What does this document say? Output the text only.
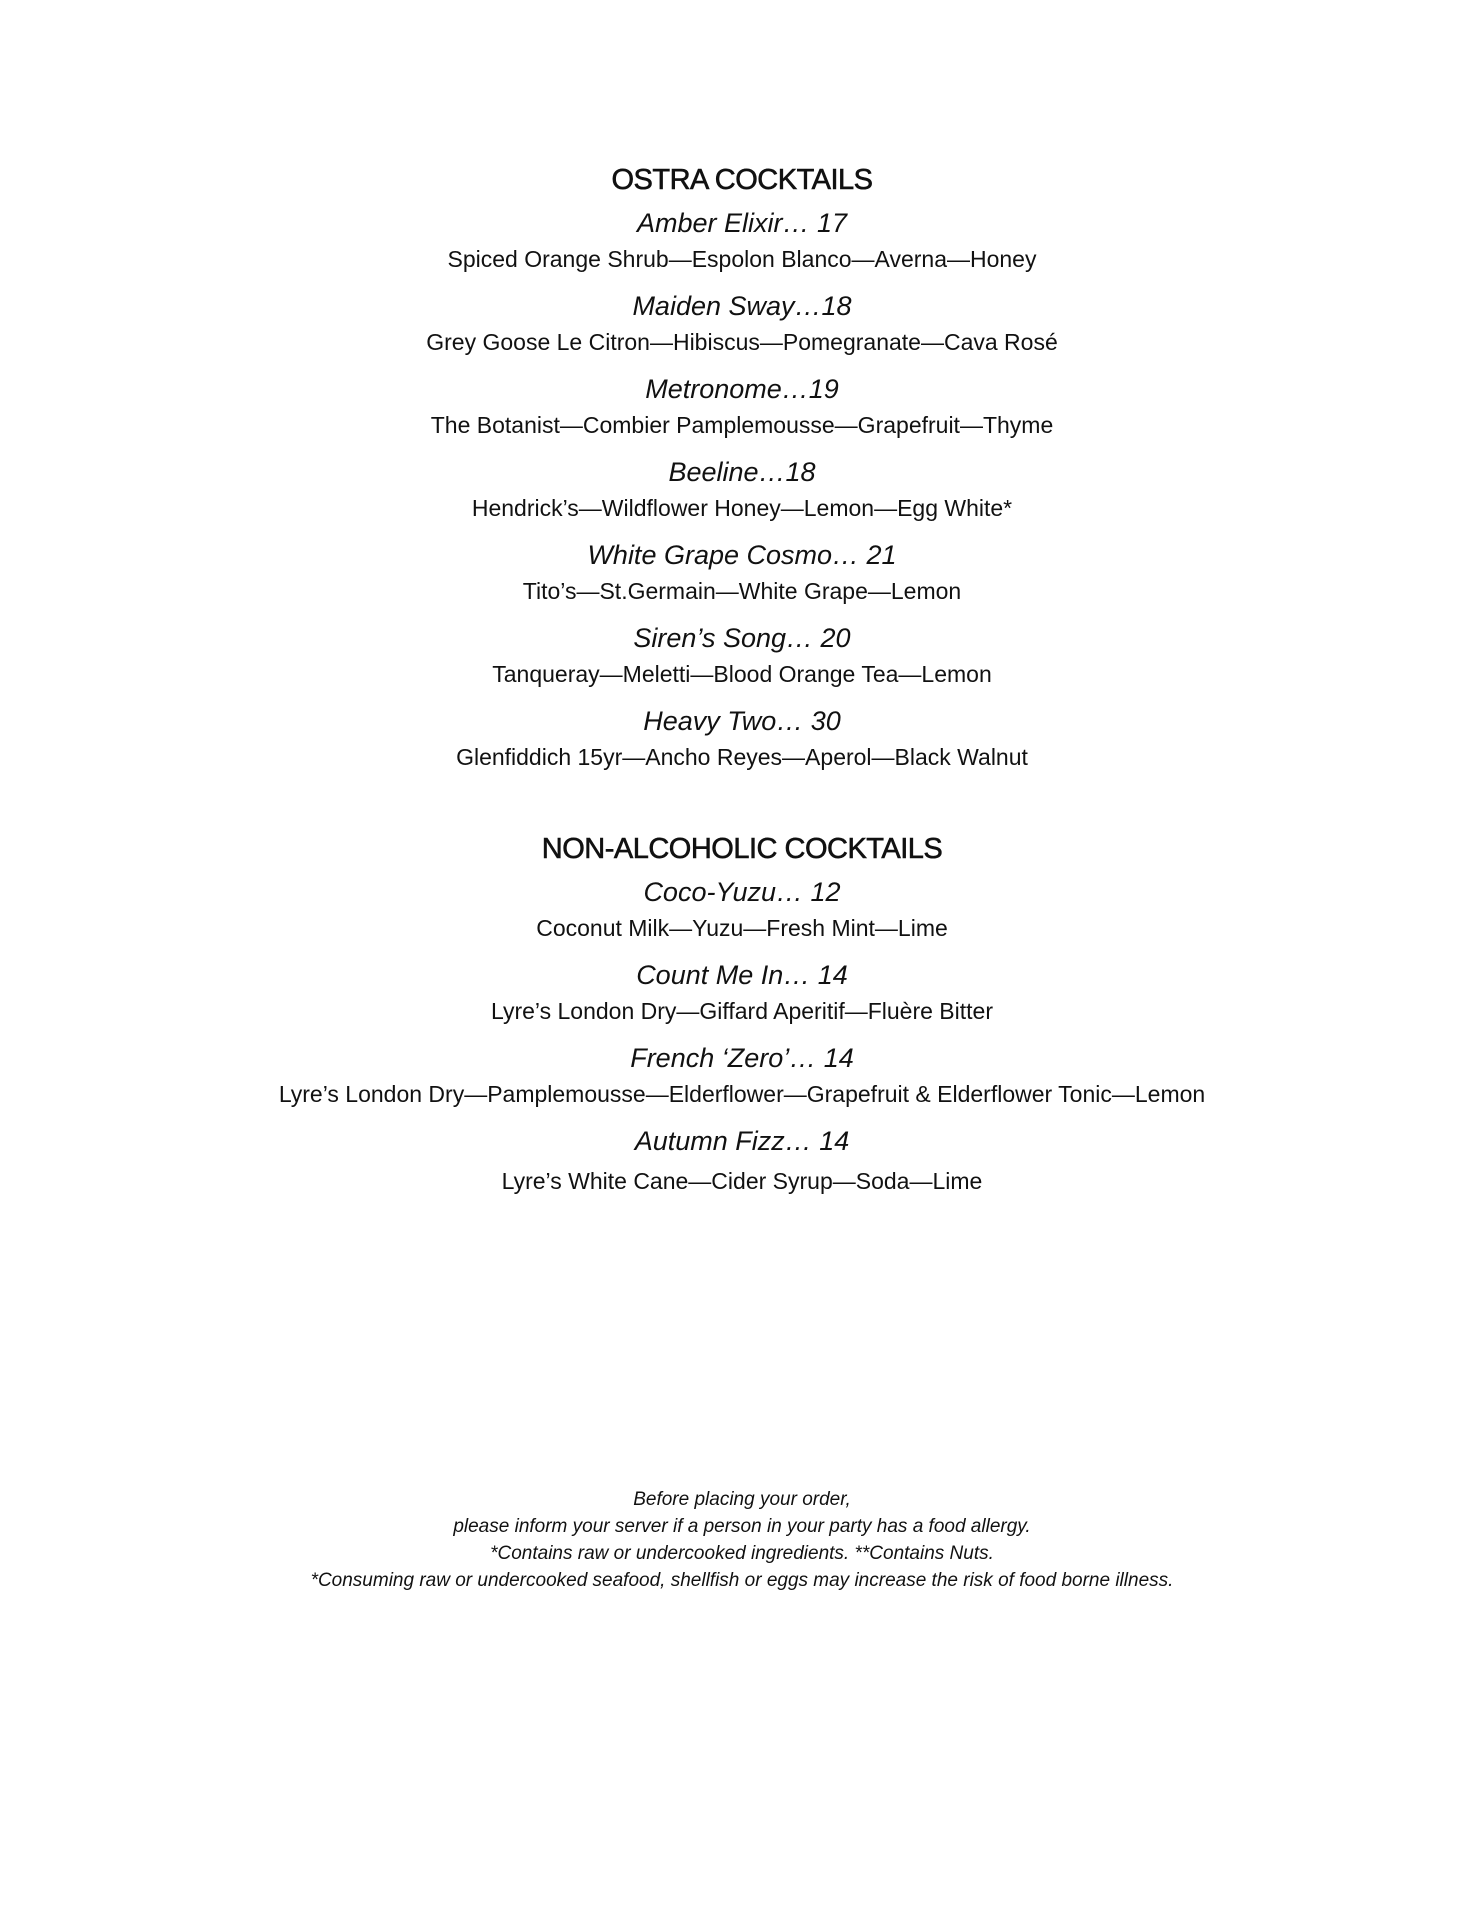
OSTRA COCKTAILS
Amber Elixir… 17
Spiced Orange Shrub—Espolon Blanco—Averna—Honey
Maiden Sway…18
Grey Goose Le Citron—Hibiscus—Pomegranate—Cava Rosé
Metronome…19
The Botanist—Combier Pamplemousse—Grapefruit—Thyme
Beeline…18
Hendrick’s—Wildflower Honey—Lemon—Egg White*
White Grape Cosmo… 21
Tito’s—St.Germain—White Grape—Lemon
Siren’s Song… 20
Tanqueray—Meletti—Blood Orange Tea—Lemon
Heavy Two… 30
Glenfiddich 15yr—Ancho Reyes—Aperol—Black Walnut
NON-ALCOHOLIC COCKTAILS
Coco-Yuzu… 12
Coconut Milk—Yuzu—Fresh Mint—Lime
Count Me In… 14
Lyre’s London Dry—Giffard Aperitif—Fluère Bitter
French ‘Zero’… 14
Lyre’s London Dry—Pamplemousse—Elderflower—Grapefruit & Elderflower Tonic—Lemon
Autumn Fizz… 14
Lyre’s White Cane—Cider Syrup—Soda—Lime
Before placing your order,
please inform your server if a person in your party has a food allergy.
*Contains raw or undercooked ingredients. **Contains Nuts.
*Consuming raw or undercooked seafood, shellfish or eggs may increase the risk of food borne illness.
